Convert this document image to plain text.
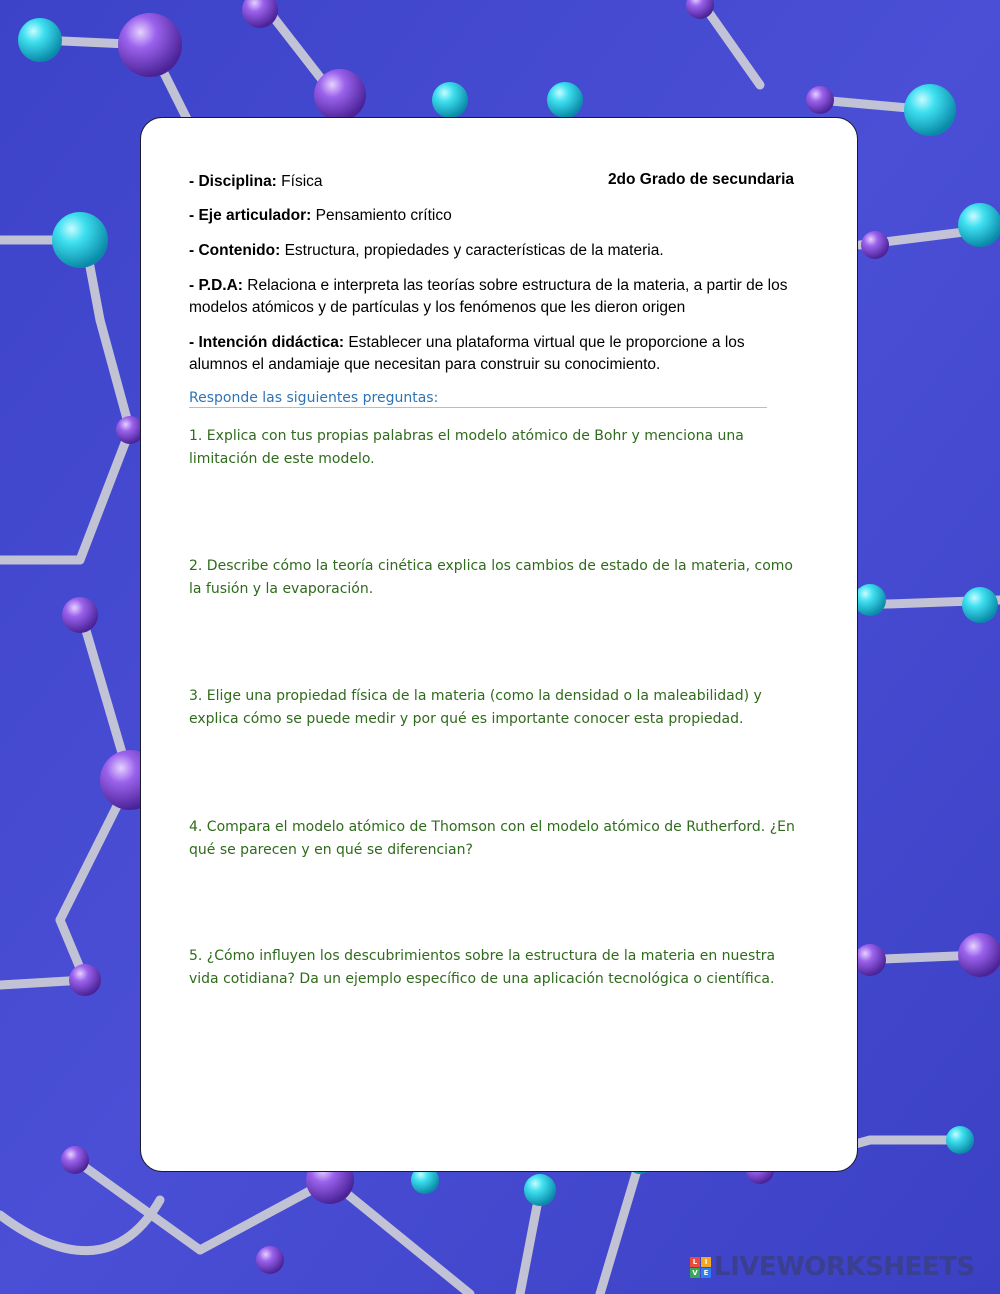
- Disciplina: Física	2do Grado de secundaria
- Eje articulador: Pensamiento crítico
- Contenido: Estructura, propiedades y características de la materia.
- P.D.A: Relaciona e interpreta las teorías sobre estructura de la materia, a partir de los modelos atómicos y de partículas y los fenómenos que les dieron origen
- Intención didáctica: Establecer una plataforma virtual que le proporcione a los alumnos el andamiaje que necesitan para construir su conocimiento.
Responde las siguientes preguntas:
1. Explica con tus propias palabras el modelo atómico de Bohr y menciona una limitación de este modelo.
2. Describe cómo la teoría cinética explica los cambios de estado de la materia, como la fusión y la evaporación.
3. Elige una propiedad física de la materia (como la densidad o la maleabilidad) y explica cómo se puede medir y por qué es importante conocer esta propiedad.
4. Compara el modelo atómico de Thomson con el modelo atómico de Rutherford. ¿En qué se parecen y en qué se diferencian?
5. ¿Cómo influyen los descubrimientos sobre la estructura de la materia en nuestra vida cotidiana? Da un ejemplo específico de una aplicación tecnológica o científica.
L	I
V E LIVEWORKSHEETS
